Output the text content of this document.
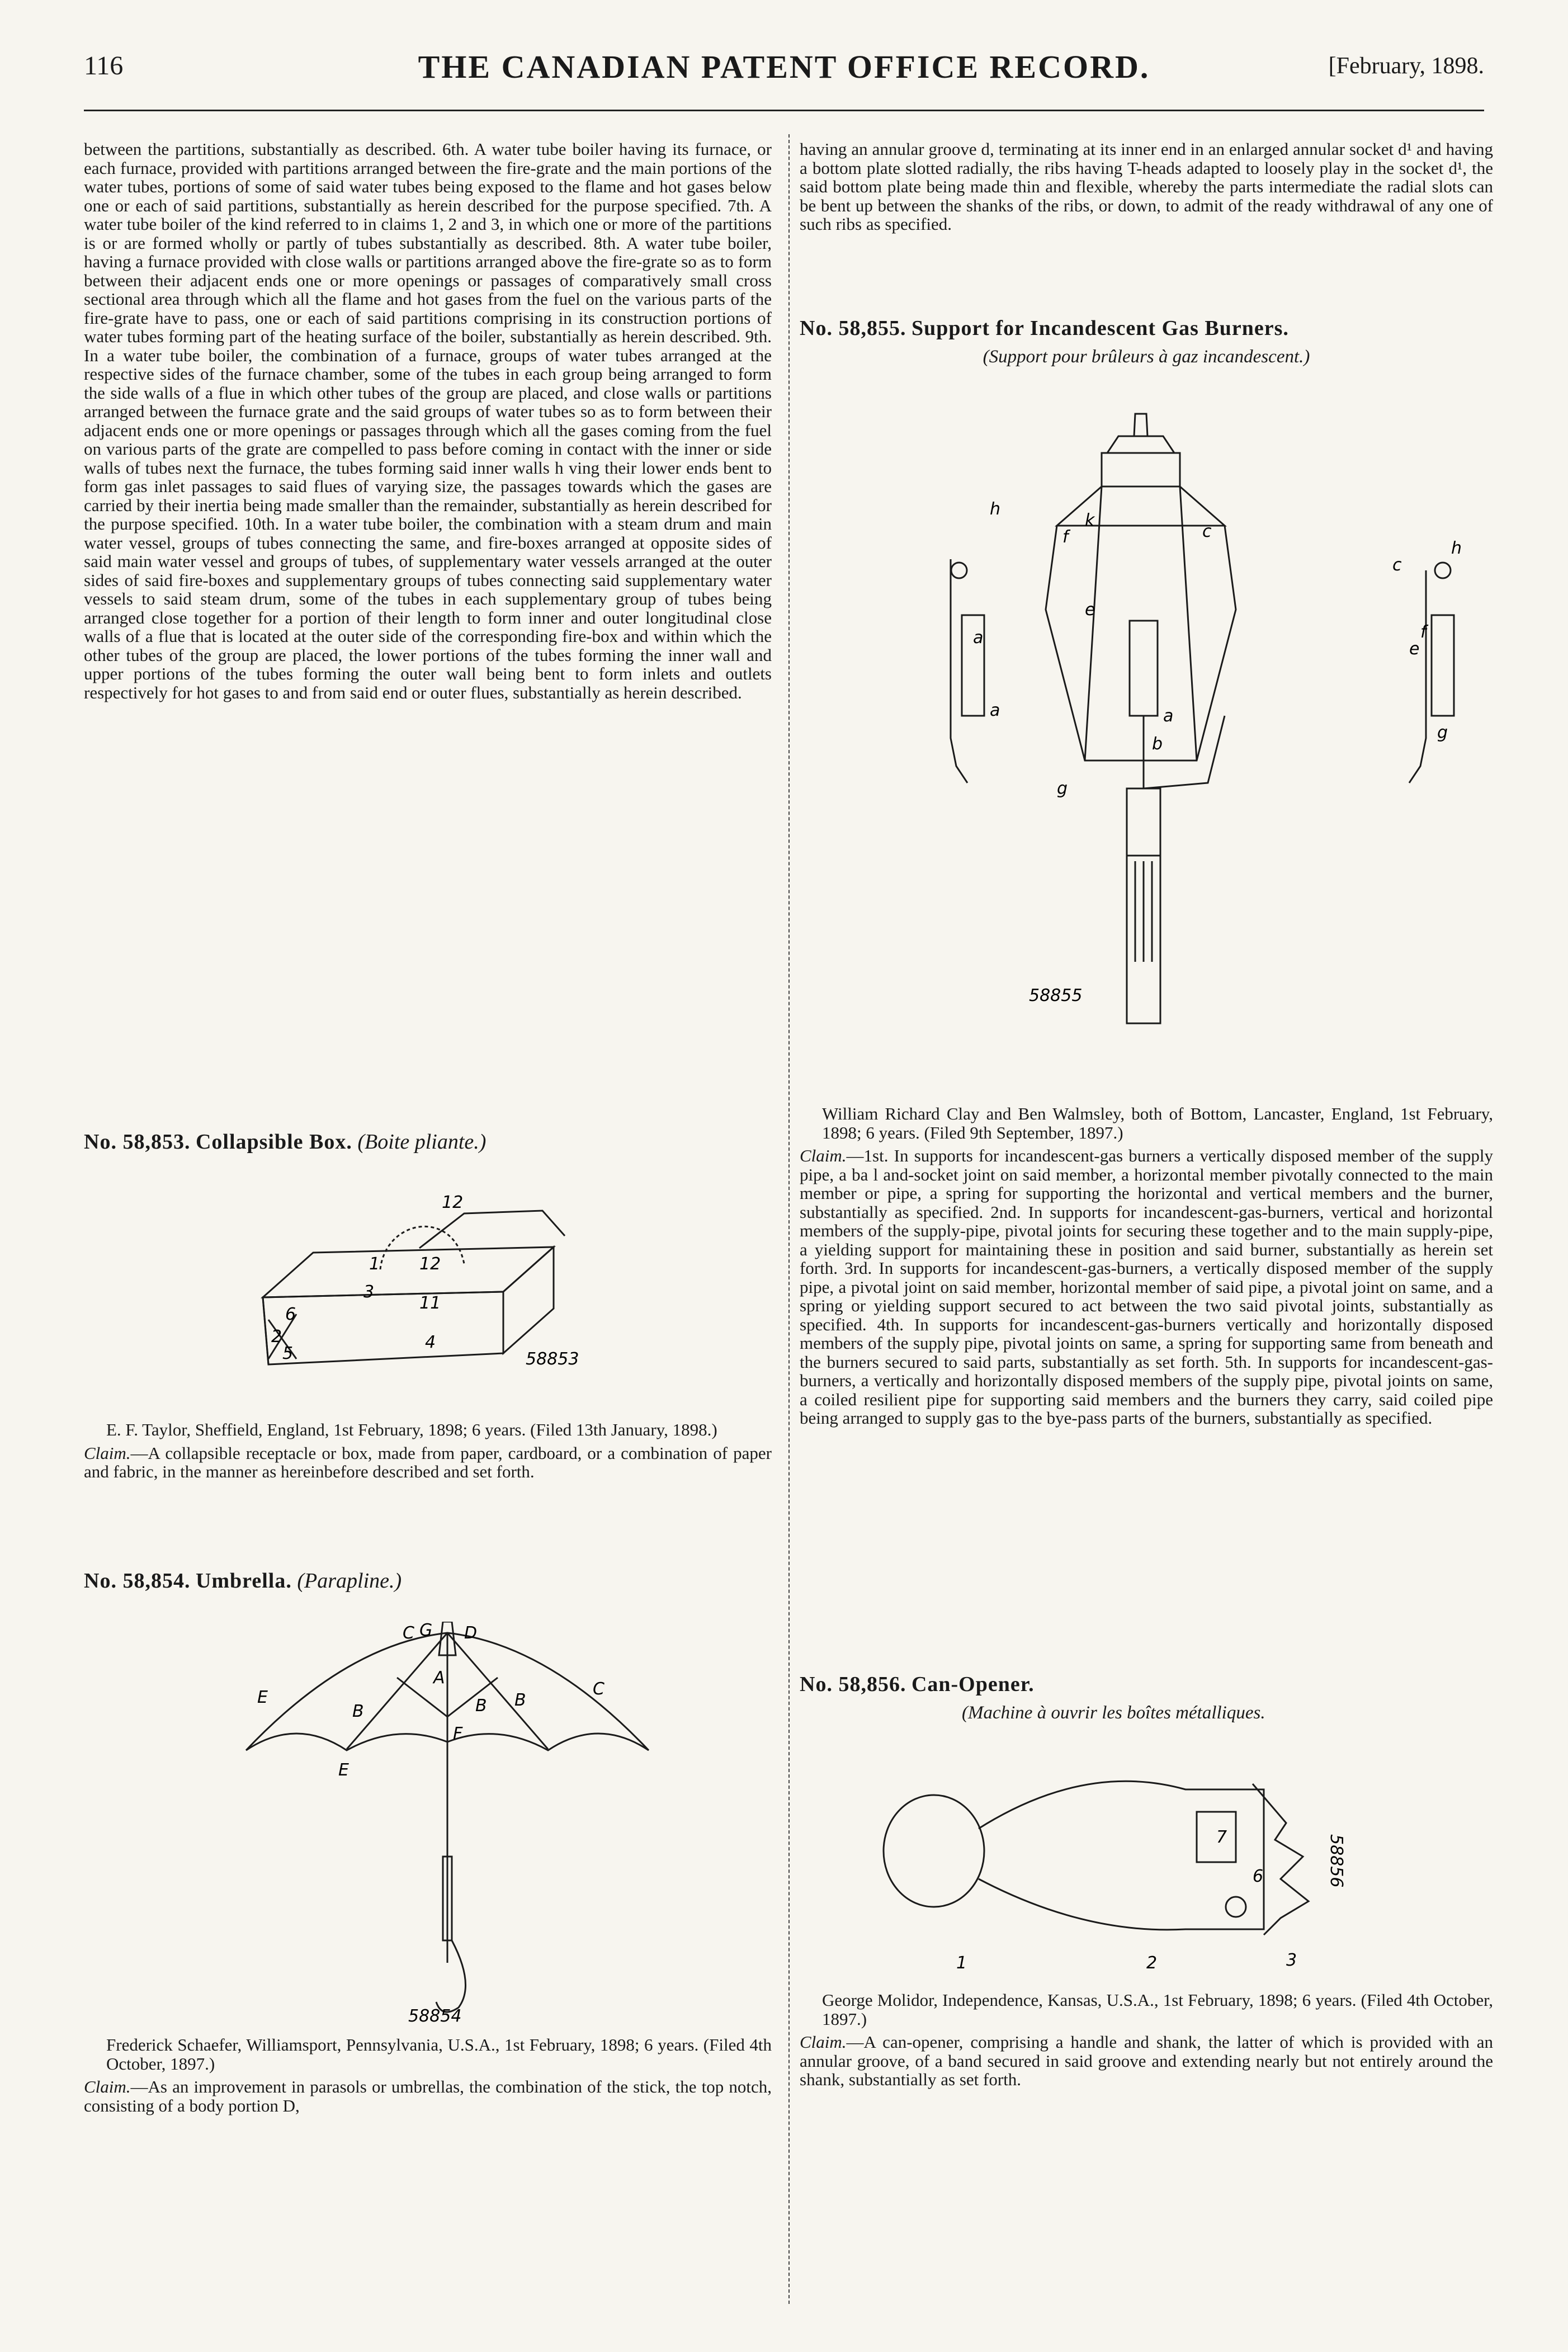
116	THE CANADIAN PATENT OFFICE RECORD.	[February, 1898.

between the partitions, substantially as described. 6th. A water tube boiler having its furnace, or each furnace, provided with partitions arranged between the fire-grate and the main portions of the water tubes, portions of some of said water tubes being exposed to the flame and hot gases below one or each of said partitions, substantially as herein described for the purpose specified. 7th. A water tube boiler of the kind referred to in claims 1, 2 and 3, in which one or more of the partitions is or are formed wholly or partly of tubes substantially as described. 8th. A water tube boiler, having a furnace provided with close walls or partitions arranged above the fire-grate so as to form between their adjacent ends one or more openings or passages of comparatively small cross sectional area through which all the flame and hot gases from the fuel on the various parts of the fire-grate have to pass, one or each of said partitions comprising in its construction portions of water tubes forming part of the heating surface of the boiler, substantially as herein described. 9th. In a water tube boiler, the combination of a furnace, groups of water tubes arranged at the respective sides of the furnace chamber, some of the tubes in each group being arranged to form the side walls of a flue in which other tubes of the group are placed, and close walls or partitions arranged between the furnace grate and the said groups of water tubes so as to form between their adjacent ends one or more openings or passages through which all the gases coming from the fuel on various parts of the grate are compelled to pass before coming in contact with the inner or side walls of tubes next the furnace, the tubes forming said inner walls h ving their lower ends bent to form gas inlet passages to said flues of varying size, the passages towards which the gases are carried by their inertia being made smaller than the remainder, substantially as herein described for the purpose specified. 10th. In a water tube boiler, the combination with a steam drum and main water vessel, groups of tubes connecting the same, and fire-boxes arranged at opposite sides of said main water vessel and groups of tubes, of supplementary water vessels arranged at the outer sides of said fire-boxes and supplementary groups of tubes connecting said supplementary water vessels to said steam drum, some of the tubes in each supplementary group of tubes being arranged close together for a portion of their length to form inner and outer longitudinal close walls of a flue that is located at the outer side of the corresponding fire-box and within which the other tubes of the group are placed, the lower portions of the tubes forming the inner wall and upper portions of the tubes forming the outer wall being bent to form inlets and outlets respectively for hot gases to and from said end or outer flues, substantially as herein described.

No. 58,853. Collapsible Box. (Boite pliante.)
12
1 12
3
11
6
2
5
4
58853

E. F. Taylor, Sheffield, England, 1st February, 1898; 6 years. (Filed 13th January, 1898.)

Claim.—A collapsible receptacle or box, made from paper, cardboard, or a combination of paper and fabric, in the manner as hereinbefore described and set forth.

No. 58,854. Umbrella. (Parapline.)
C G D
A
B
E	B B
F
C
E
58854

Frederick Schaefer, Williamsport, Pennsylvania, U.S.A., 1st February, 1898; 6 years. (Filed 4th October, 1897.)

Claim.—As an improvement in parasols or umbrellas, the combination of the stick, the top notch, consisting of a body portion D,

having an annular groove d, terminating at its inner end in an enlarged annular socket d¹ and having a bottom plate slotted radially, the ribs having T-heads adapted to loosely play in the socket d¹, the said bottom plate being made thin and flexible, whereby the parts intermediate the radial slots can be bent up between the shanks of the ribs, or down, to admit of the ready withdrawal of any one of such ribs as specified.

No. 58,855. Support for Incandescent Gas Burners.
(Support pour brûleurs à gaz incandescent.)
h
f	c
e
a
b
k
g
a
c
e
f
h
g
a
58855

William Richard Clay and Ben Walmsley, both of Bottom, Lancaster, England, 1st February, 1898; 6 years. (Filed 9th September, 1897.)

Claim.—1st. In supports for incandescent-gas burners a vertically disposed member of the supply pipe, a ba l and-socket joint on said member, a horizontal member pivotally connected to the main member or pipe, a spring for supporting the horizontal and vertical members and the burner, substantially as specified. 2nd. In supports for incandescent-gas-burners, vertical and horizontal members of the supply-pipe, pivotal joints for securing these together and to the main supply-pipe, a yielding support for maintaining these in position and said burner, substantially as herein set forth. 3rd. In supports for incandescent-gas-burners, a vertically disposed member of the supply pipe, a pivotal joint on said member, horizontal member of said pipe, a pivotal joint on same, and a spring or yielding support secured to act between the two said pivotal joints, substantially as specified. 4th. In supports for incandescent-gas-burners vertically and horizontally disposed members of the supply pipe, pivotal joints on same, a spring for supporting same from beneath and the burners secured to said parts, substantially as set forth. 5th. In supports for incandescent-gas-burners, a vertically and horizontally disposed members of the supply pipe, pivotal joints on same, a coiled resilient pipe for supporting said members and the burners they carry, said coiled pipe being arranged to supply gas to the bye-pass parts of the burners, substantially as specified.

No. 58,856. Can-Opener.
(Machine à ouvrir les boîtes métalliques.
1	2	3
7
6	58856

George Molidor, Independence, Kansas, U.S.A., 1st February, 1898; 6 years. (Filed 4th October, 1897.)

Claim.—A can-opener, comprising a handle and shank, the latter of which is provided with an annular groove, of a band secured in said groove and extending nearly but not entirely around the shank, substantially as set forth.
